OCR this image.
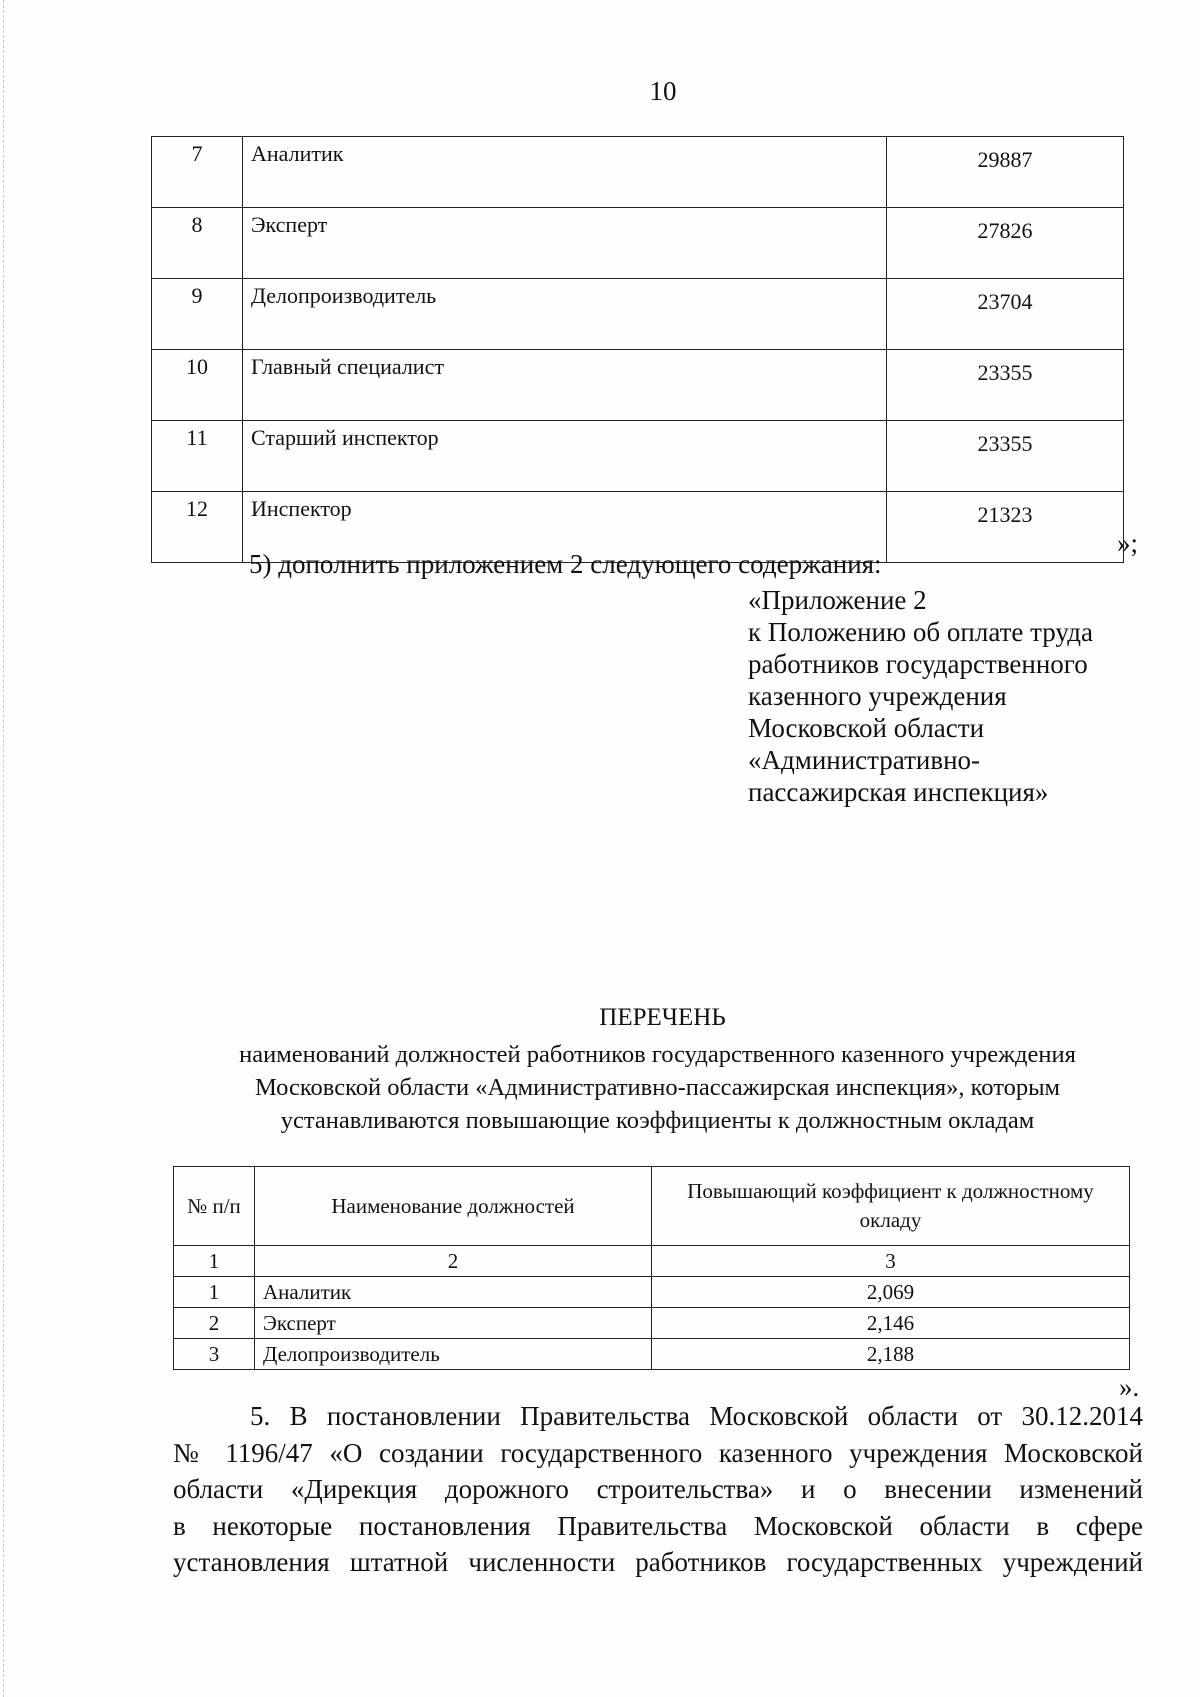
10
7	Аналитик	29887
8	Эксперт	27826
9	Делопроизводитель	23704
10	Главный специалист	23355
11	Старший инспектор	23355
12	Инспектор	21323
»;
5) дополнить приложением 2 следующего содержания:
«Приложение 2
к Положению об оплате труда
работников государственного
казенного учреждения
Московской области
«Административно-
пассажирская инспекция»
ПЕРЕЧЕНЬ
наименований должностей работников государственного казенного учреждения
Московской области «Административно-пассажирская инспекция», которым
устанавливаются повышающие коэффициенты к должностным окладам
№ п/п	Наименование должностей	Повышающий коэффициент к должностному окладу
1	2	3
1	Аналитик	2,069
2	Эксперт	2,146
3	Делопроизводитель	2,188
».
5. В постановлении Правительства Московской области от 30.12.2014
№ 1196/47 «О создании государственного казенного учреждения Московской
области «Дирекция дорожного строительства» и о внесении изменений
в некоторые постановления Правительства Московской области в сфере
установления штатной численности работников государственных учреждений
